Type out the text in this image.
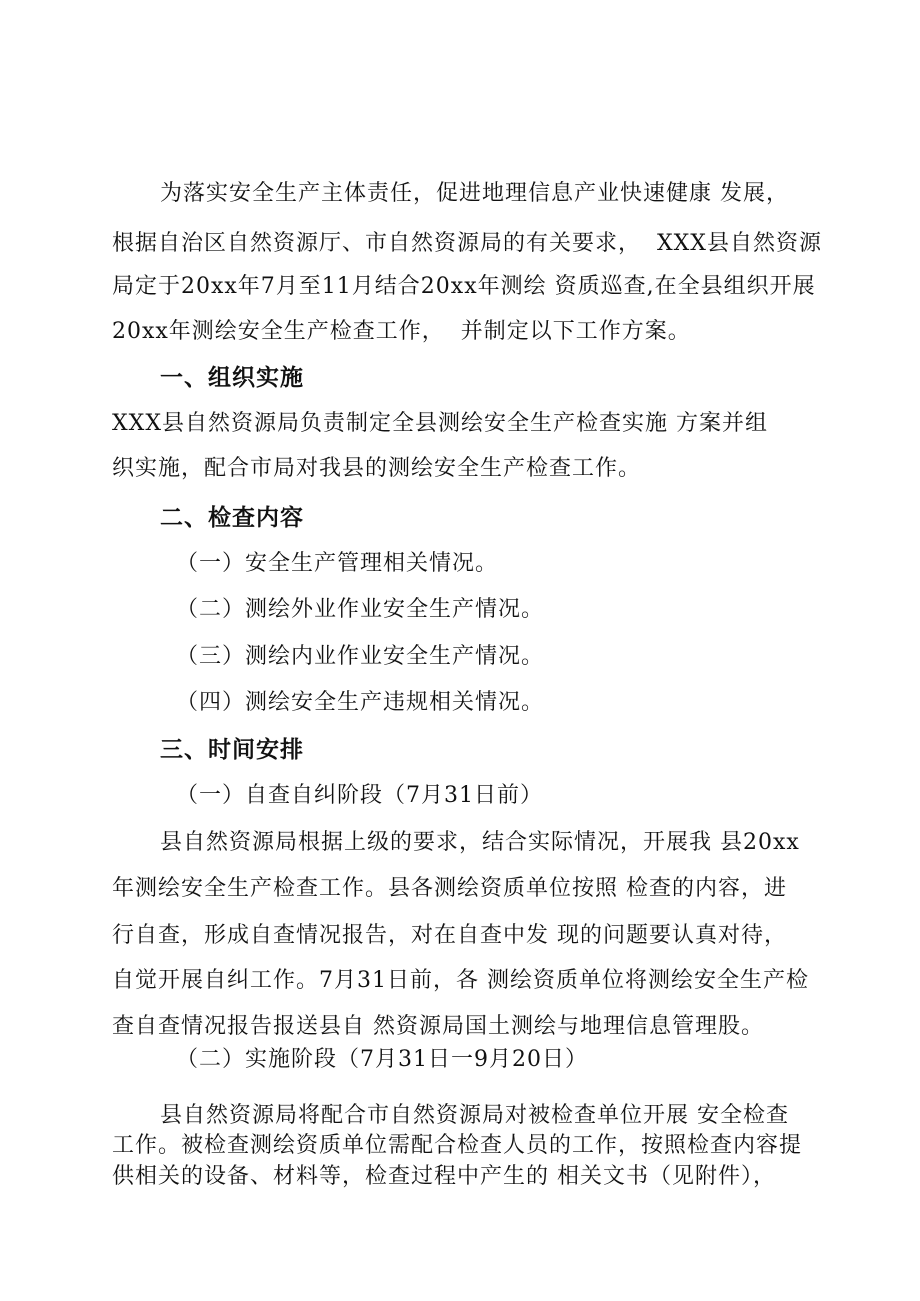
为落实安全生产主体责任，促进地理信息产业快速健康 发展，
根据自治区自然资源厅、市自然资源局的有关要求，  XXX县自然资源
局定于20xx年7月至11月结合20xx年测绘 资质巡查,在全县组织开展
20xx年测绘安全生产检查工作，  并制定以下工作方案。
一、组织实施
XXX县自然资源局负责制定全县测绘安全生产检查实施 方案并组
织实施，配合市局对我县的测绘安全生产检查工作。
二、检查内容
（一）安全生产管理相关情况。
（二）测绘外业作业安全生产情况。
（三）测绘内业作业安全生产情况。
（四）测绘安全生产违规相关情况。
三、时间安排
（一）自查自纠阶段（7月31日前）
县自然资源局根据上级的要求，结合实际情况，开展我 县20xx
年测绘安全生产检查工作。县各测绘资质单位按照 检查的内容，进
行自查，形成自查情况报告，对在自查中发 现的问题要认真对待，
自觉开展自纠工作。7月31日前，各 测绘资质单位将测绘安全生产检
查自查情况报告报送县自 然资源局国土测绘与地理信息管理股。
（二）实施阶段（7月31日一9月20日）
县自然资源局将配合市自然资源局对被检查单位开展 安全检查
工作。被检查测绘资质单位需配合检查人员的工作，按照检查内容提
供相关的设备、材料等，检查过程中产生的 相关文书（见附件），
